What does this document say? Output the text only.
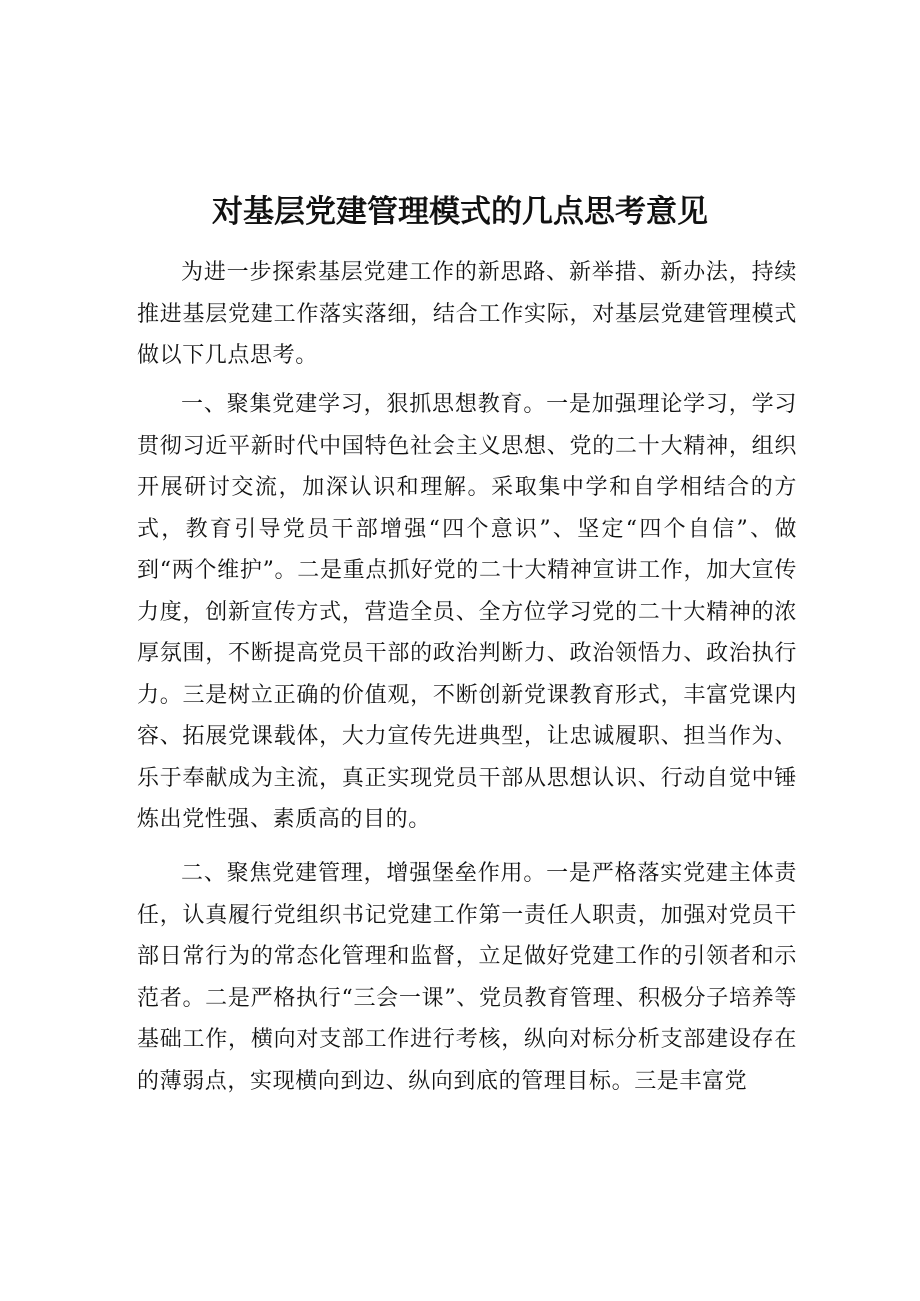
对基层党建管理模式的几点思考意见

为进一步探索基层党建工作的新思路、新举措、新办法，持续推进基层党建工作落实落细，结合工作实际，对基层党建管理模式做以下几点思考。

一、聚集党建学习，狠抓思想教育。一是加强理论学习，学习贯彻习近平新时代中国特色社会主义思想、党的二十大精神，组织开展研讨交流，加深认识和理解。采取集中学和自学相结合的方式，教育引导党员干部增强“四个意识”、坚定“四个自信”、做到“两个维护”。二是重点抓好党的二十大精神宣讲工作，加大宣传力度，创新宣传方式，营造全员、全方位学习党的二十大精神的浓厚氛围，不断提高党员干部的政治判断力、政治领悟力、政治执行力。三是树立正确的价值观，不断创新党课教育形式，丰富党课内容、拓展党课载体，大力宣传先进典型，让忠诚履职、担当作为、乐于奉献成为主流，真正实现党员干部从思想认识、行动自觉中锤炼出党性强、素质高的目的。

二、聚焦党建管理，增强堡垒作用。一是严格落实党建主体责任，认真履行党组织书记党建工作第一责任人职责，加强对党员干部日常行为的常态化管理和监督，立足做好党建工作的引领者和示范者。二是严格执行“三会一课”、党员教育管理、积极分子培养等基础工作，横向对支部工作进行考核，纵向对标分析支部建设存在的薄弱点，实现横向到边、纵向到底的管理目标。三是丰富党
